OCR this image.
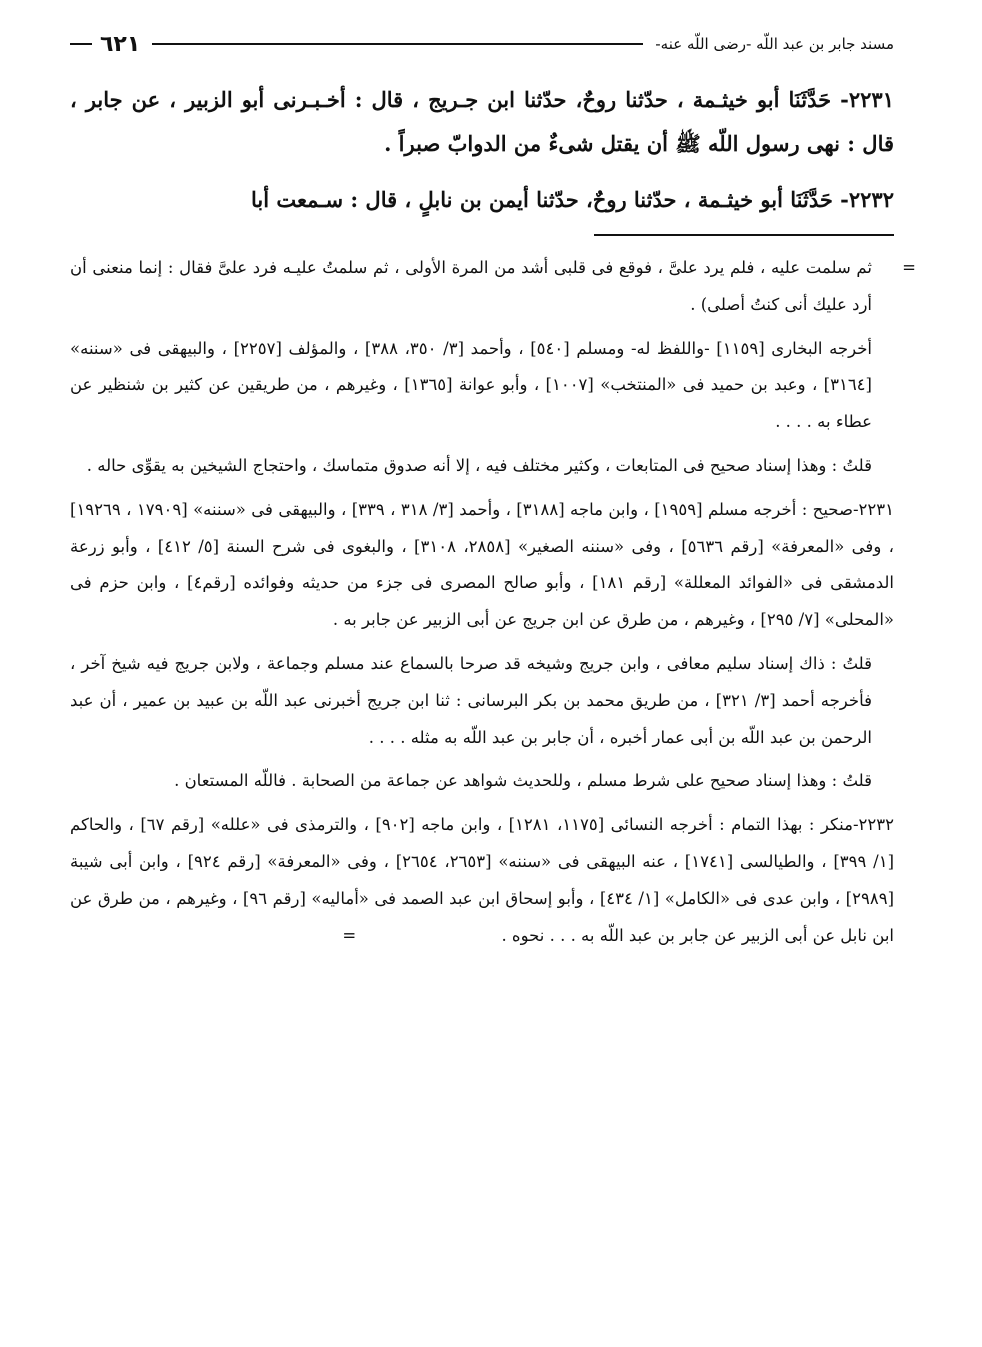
مسند جابر بن عبد اللّه -رضى اللّه عنه-
٦٢١

٢٢٣١- حَدَّثَنَا أبو خيثـمة ، حدّثنا روحٌ، حدّثنا ابن جـريج ، قال : أخـبـرنى أبو الزبير ، عن جابر ، قال : نهى رسول اللّه ﷺ أن يقتل شىءٌ من الدوابّ صبراً .

٢٢٣٢- حَدَّثَنَا أبو خيثـمة ، حدّثنا روحٌ، حدّثنا أيمن بن نابلٍ ، قال : سـمعت أبا

=ثم سلمت عليه ، فلم يرد علىَّ ، فوقع فى قلبى أشد من المرة الأولى ، ثم سلمتُ عليـه فرد علىَّ فقال : إنما منعنى أن أرد عليك أنى كنتُ أصلى) .

أخرجه البخارى [١١٥٩] -واللفظ له- ومسلم [٥٤٠] ، وأحمد [٣/ ٣٥٠، ٣٨٨] ، والمؤلف [٢٢٥٧] ، والبيهقى فى «سننه» [٣١٦٤] ، وعبد بن حميد فى «المنتخب» [١٠٠٧] ، وأبو عوانة [١٣٦٥] ، وغيرهم ، من طريقين عن كثير بن شنظير عن عطاء به . . . .

قلتُ : وهذا إسناد صحيح فى المتابعات ، وكثير مختلف فيه ، إلا أنه صدوق متماسك ، واحتجاج الشيخين به يقوِّى حاله .

٢٢٣١-صحيح : أخرجه مسلم [١٩٥٩] ، وابن ماجه [٣١٨٨] ، وأحمد [٣/ ٣١٨ ، ٣٣٩] ، والبيهقى فى «سننه» [١٧٩٠٩ ، ١٩٢٦٩] ، وفى «المعرفة» [رقم ٥٦٣٦] ، وفى «سننه الصغير» [٢٨٥٨، ٣١٠٨] ، والبغوى فى شرح السنة [٥/ ٤١٢] ، وأبو زرعة الدمشقى فى «الفوائد المعللة» [رقم ١٨١] ، وأبو صالح المصرى فى جزء من حديثه وفوائده [رقم٤] ، وابن حزم فى «المحلى» [٧/ ٢٩٥] ، وغيرهم ، من طرق عن ابن جريج عن أبى الزبير عن جابر به .

قلتُ : ذاك إسناد سليم معافى ، وابن جريج وشيخه قد صرحا بالسماع عند مسلم وجماعة ، ولابن جريج فيه شيخ آخر ، فأخرجه أحمد [٣/ ٣٢١] ، من طريق محمد بن بكر البرسانى : ثنا ابن جريج أخبرنى عبد اللّه بن عبيد بن عمير ، أن عبد الرحمن بن عبد اللّه بن أبى عمار أخبره ، أن جابر بن عبد اللّه به مثله . . . .

قلتُ : وهذا إسناد صحيح على شرط مسلم ، وللحديث شواهد عن جماعة من الصحابة . فاللّه المستعان .

٢٢٣٢-منكر : بهذا التمام : أخرجه النسائى [١١٧٥، ١٢٨١] ، وابن ماجه [٩٠٢] ، والترمذى فى «علله» [رقم ٦٧] ، والحاكم [١/ ٣٩٩] ، والطيالسى [١٧٤١] ، عنه البيهقى فى «سننه» [٢٦٥٣، ٢٦٥٤] ، وفى «المعرفة» [رقم ٩٢٤] ، وابن أبى شيبة [٢٩٨٩] ، وابن عدى فى «الكامل» [١/ ٤٣٤] ، وأبو إسحاق ابن عبد الصمد فى «أماليه» [رقم ٩٦] ، وغيرهم ، من طرق عن ابن نابل عن أبى الزبير عن جابر بن عبد اللّه به . . . نحوه . =
